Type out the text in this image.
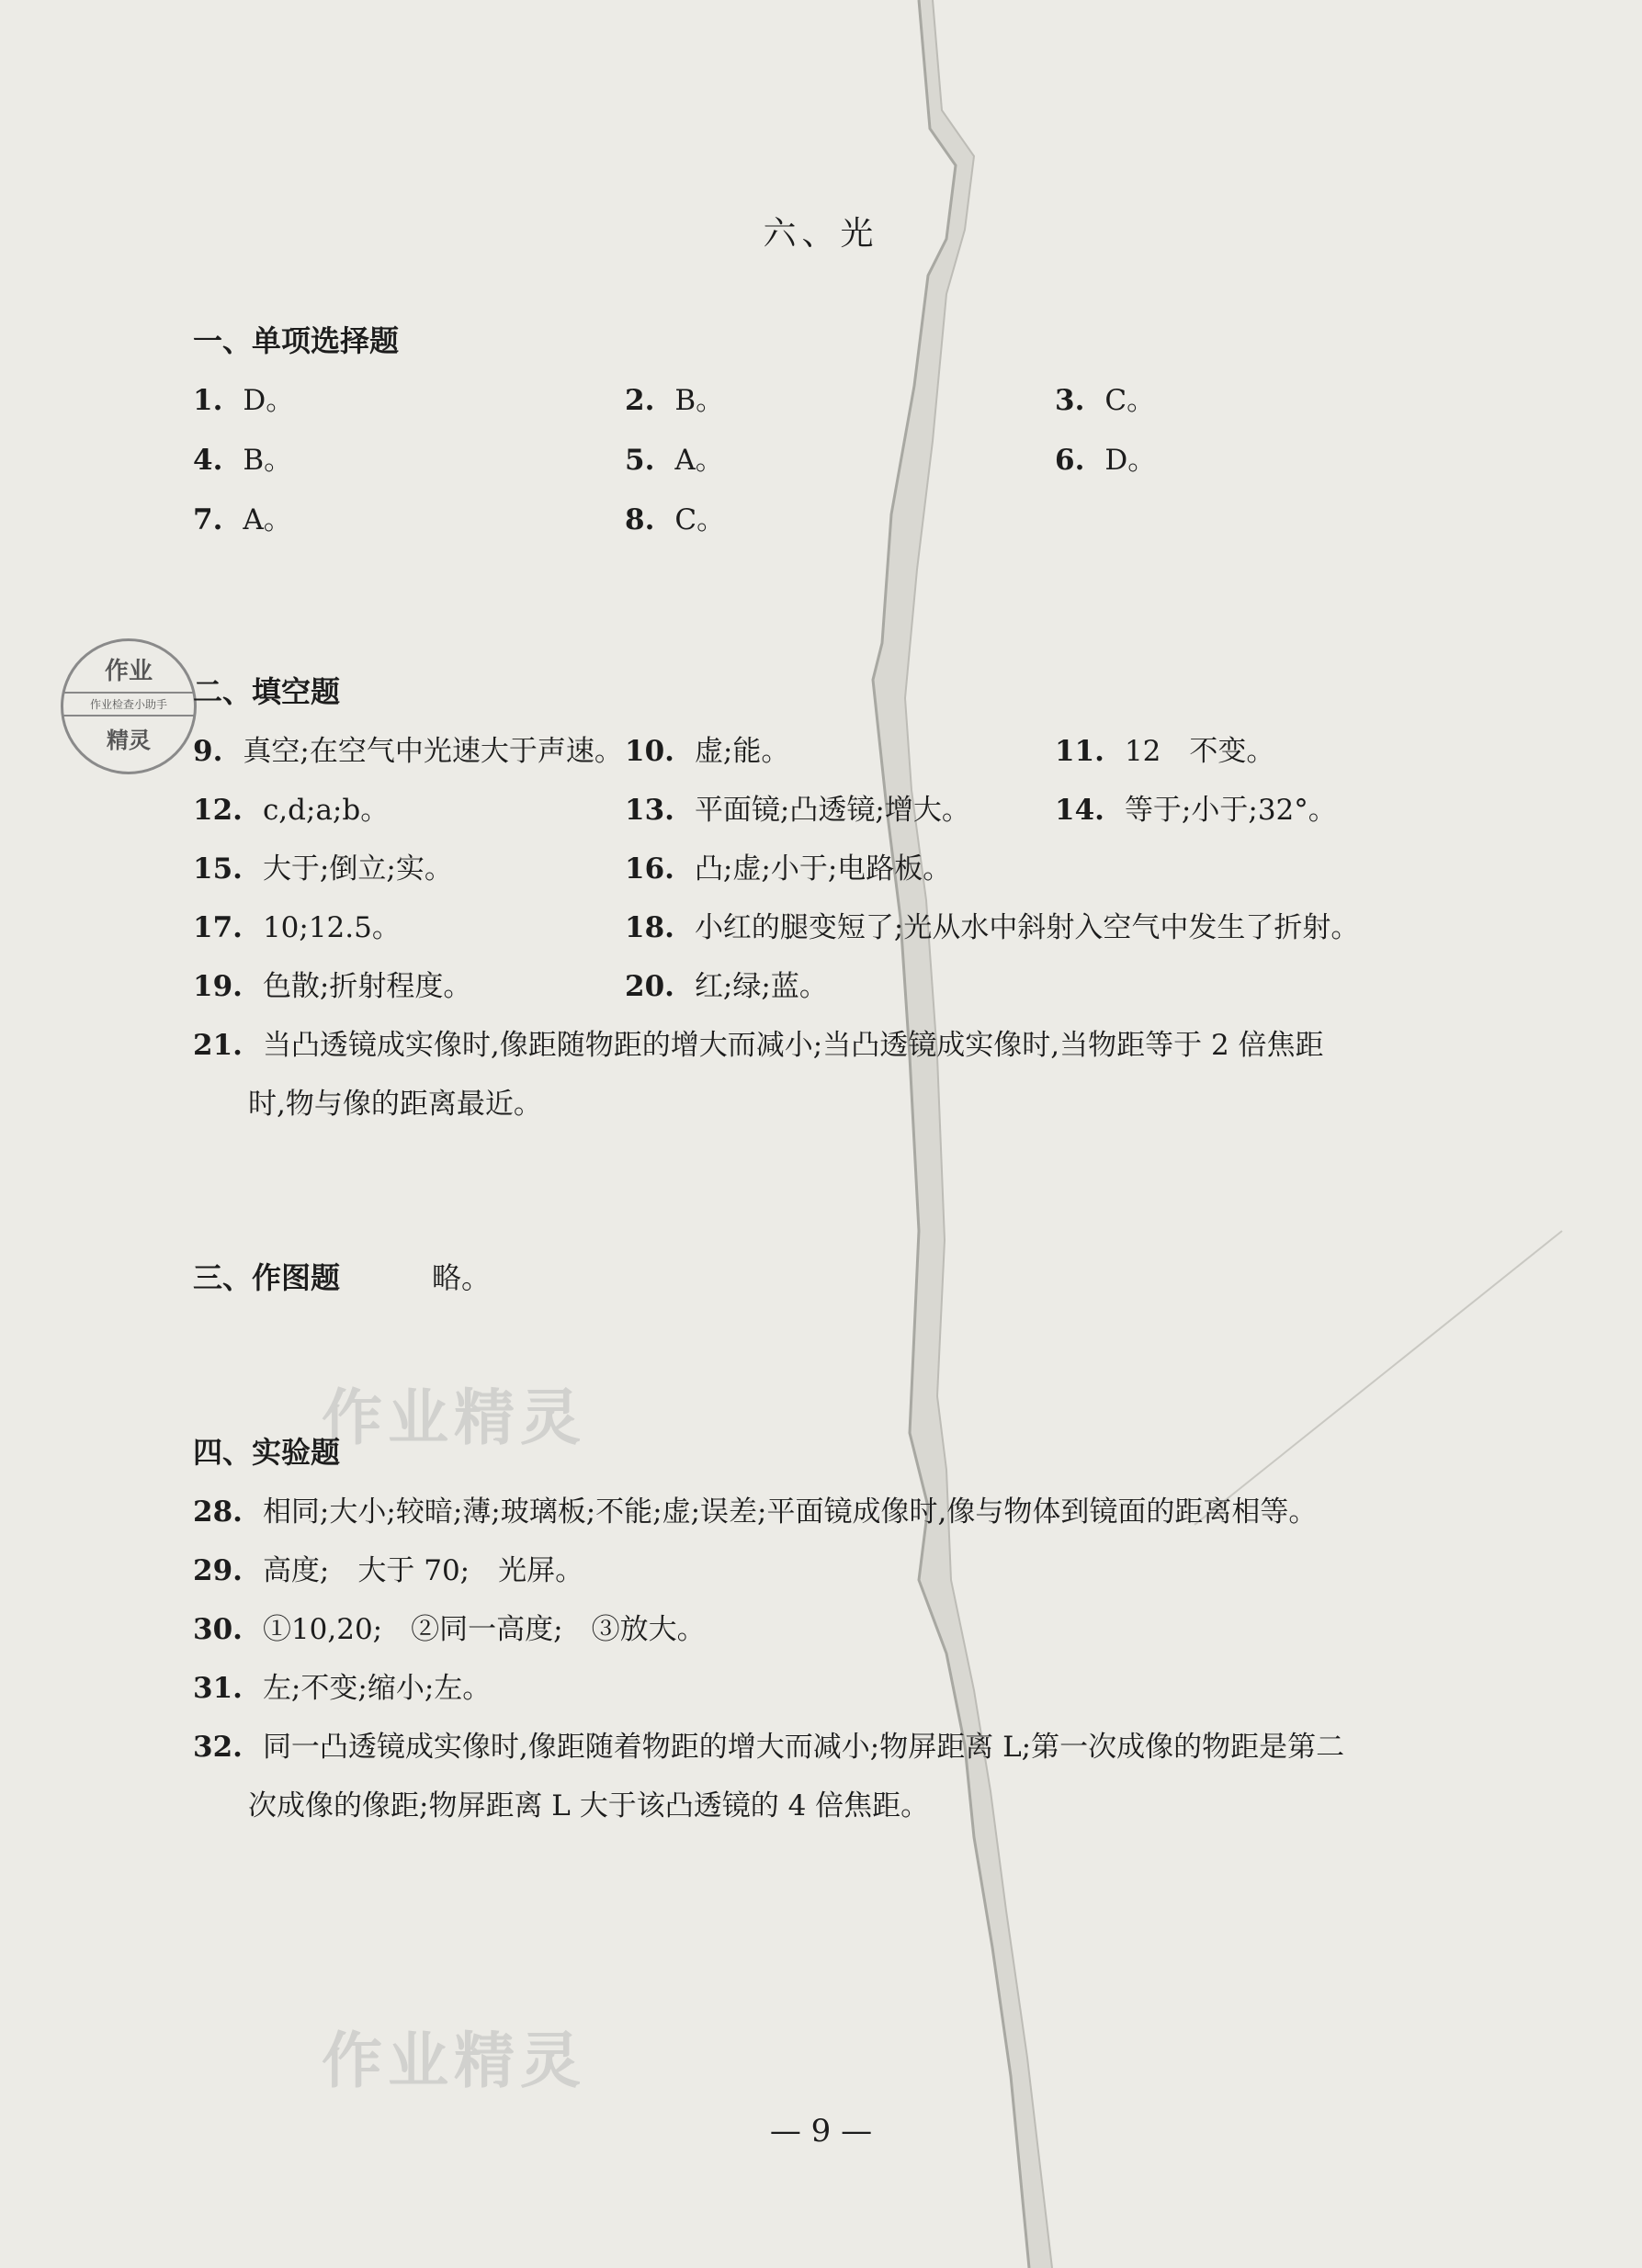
六、光
一、单项选择题
1. D。	2. B。	3. C。
4. B。	5. A。	6. D。
7. A。	8. C。
作业
作业检查小助手
精灵
二、填空题
9. 真空;在空气中光速大于声速。 10. 虚;能。	11. 12　不变。
12. c,d;a;b。	13. 平面镜;凸透镜;增大。	14. 等于;小于;32°。
15. 大于;倒立;实。	16. 凸;虚;小于;电路板。
17. 10;12.5。	18. 小红的腿变短了;光从水中斜射入空气中发生了折射。
19. 色散;折射程度。	20. 红;绿;蓝。
21. 当凸透镜成实像时,像距随物距的增大而减小;当凸透镜成实像时,当物距等于 2 倍焦距
时,物与像的距离最近。
三、作图题	略。
作业精灵
四、实验题
28. 相同;大小;较暗;薄;玻璃板;不能;虚;误差;平面镜成像时,像与物体到镜面的距离相等。
29. 高度;　大于 70;　光屏。
30. ①10,20;　②同一高度;　③放大。
31. 左;不变;缩小;左。
32. 同一凸透镜成实像时,像距随着物距的增大而减小;物屏距离 L;第一次成像的物距是第二
次成像的像距;物屏距离 L 大于该凸透镜的 4 倍焦距。
作业精灵
— 9 —
